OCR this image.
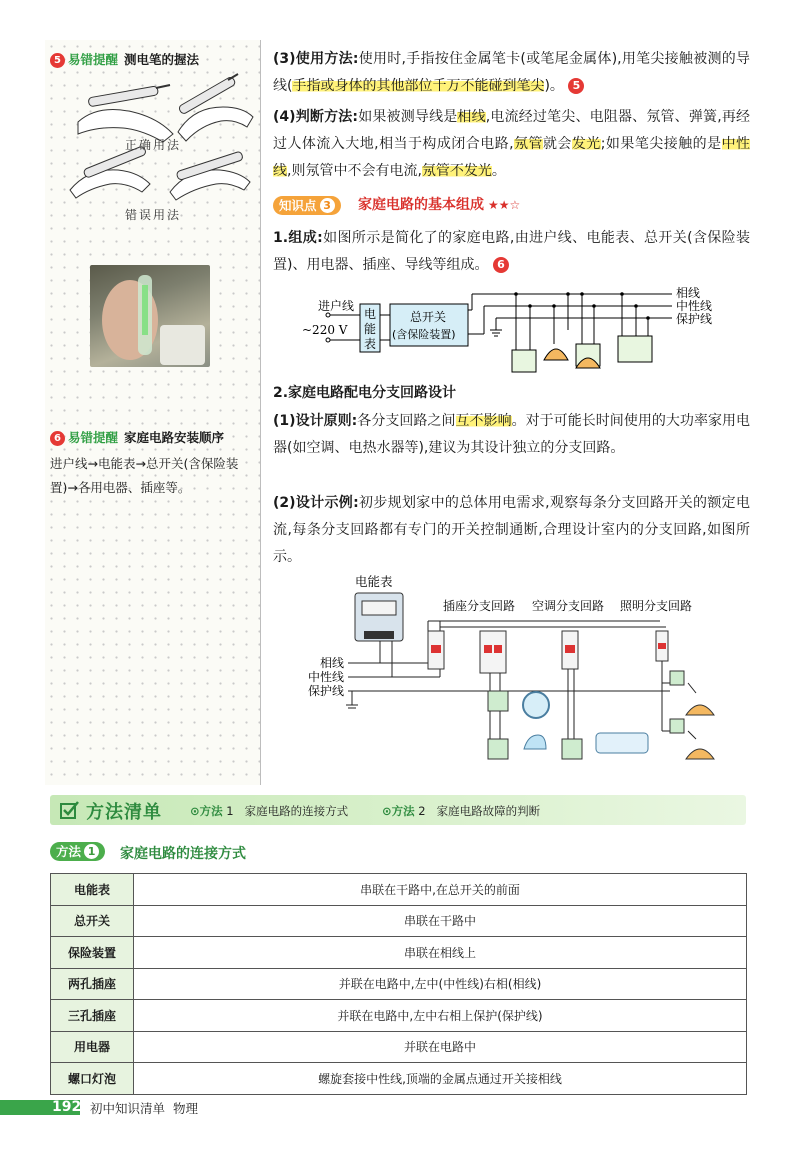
5 易错提醒 测电笔的握法
正确用法
错误用法
6 易错提醒 家庭电路安装顺序
进户线→电能表→总开关(含保险装置)→各用电器、插座等。
(3)使用方法:使用时,手指按住金属笔卡(或笔尾金属体),用笔尖接触被测的导线(手指或身体的其他部位千万不能碰到笔尖)。 5
(4)判断方法:如果被测导线是相线,电流经过笔尖、电阻器、氖管、弹簧,再经过人体流入大地,相当于构成闭合电路,氖管就会发光;如果笔尖接触的是中性线,则氖管中不会有电流,氖管不发光。
知识点 3	家庭电路的基本组成 ★★☆
1.组成:如图所示是简化了的家庭电路,由进户线、电能表、总开关(含保险装置)、用电器、插座、导线等组成。 6
进户线
~220 V
电
能
表
总开关
(含保险装置)
相线
中性线
保护线
2.家庭电路配电分支回路设计
(1)设计原则:各分支回路之间互不影响。对于可能长时间使用的大功率家用电器(如空调、电热水器等),建议为其设计独立的分支回路。
(2)设计示例:初步规划家中的总体用电需求,观察每条分支回路开关的额定电流,每条分支回路都有专门的开关控制通断,合理设计室内的分支回路,如图所示。
电能表
插座分支回路 空调分支回路 照明分支回路
相线
中性线
保护线
方法清单 ⊙方法 1 家庭电路的连接方式	⊙方法 2 家庭电路故障的判断
方法 1	家庭电路的连接方式
电能表	串联在干路中,在总开关的前面
总开关	串联在干路中
保险装置	串联在相线上
两孔插座	并联在电路中,左中(中性线)右相(相线)
三孔插座	并联在电路中,左中右相上保护(保护线)
用电器	并联在电路中
螺口灯泡	螺旋套接中性线,顶端的金属点通过开关接相线
192 初中知识清单 物理
